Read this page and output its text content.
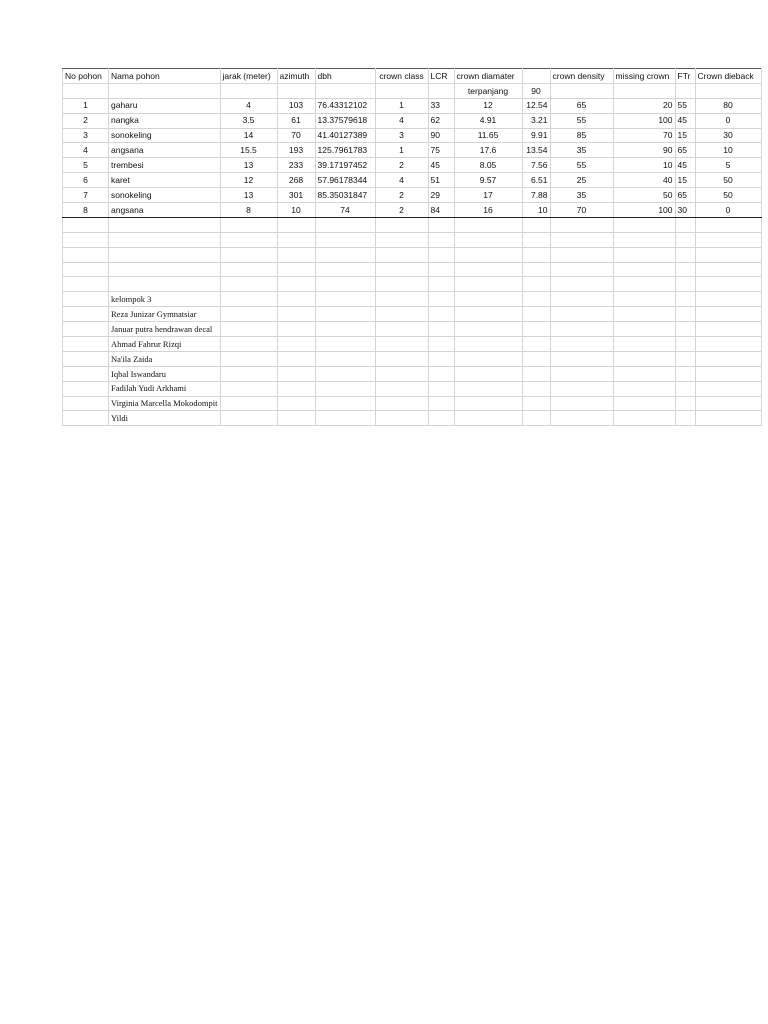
No pohon	Nama pohon	jarak (meter)	azimuth	dbh	crown class	LCR	crown diamater		crown density	missing crown	FTr	Crown dieback
							terpanjang	90				
1	gaharu	4	103	76.43312102	1	33	12	12.54	65	20	55	80
2	nangka	3.5	61	13.37579618	4	62	4.91	3.21	55	100	45	0
3	sonokeling	14	70	41.40127389	3	90	11.65	9.91	85	70	15	30
4	angsana	15.5	193	125.7961783	1	75	17.6	13.54	35	90	65	10
5	trembesi	13	233	39.17197452	2	45	8.05	7.56	55	10	45	5
6	karet	12	268	57.96178344	4	51	9.57	6.51	25	40	15	50
7	sonokeling	13	301	85.35031847	2	29	17	7.88	35	50	65	50
8	angsana	8	10	74	2	84	16	10	70	100	30	0

	kelompok 3											
	Reza Junizar Gymnatsiar											
	Januar putra hendrawan decal											
	Ahmad Fahrur Rizqi											
	Na'ila Zaida											
	Iqbal Iswandaru											
	Fadilah Yudi Arkhami											
	Virginia Marcella Mokodompit											
	Yildi											
